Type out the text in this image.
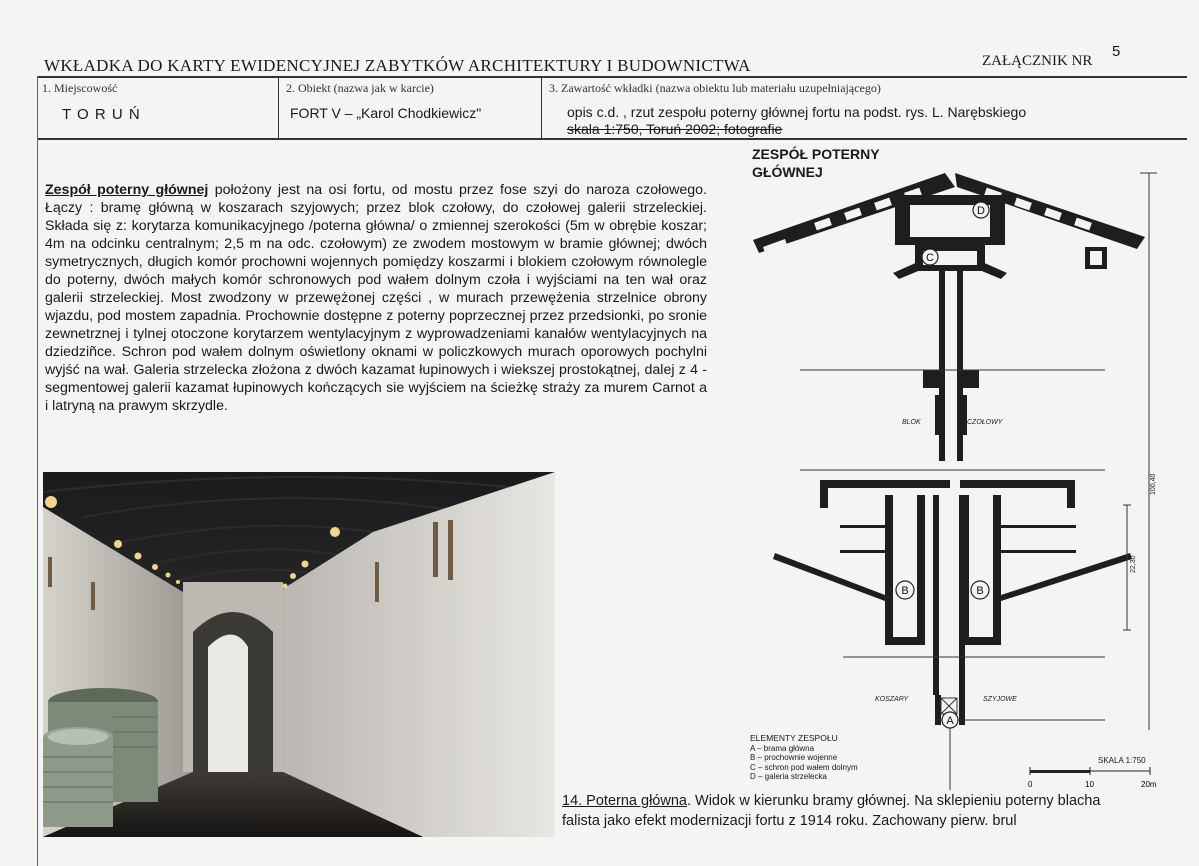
WKŁADKA DO KARTY EWIDENCYJNEJ ZABYTKÓW ARCHITEKTURY I BUDOWNICTWA	ZAŁĄCZNIK NR
5
1. Miejscowość
T O R U Ń
2. Obiekt (nazwa jak w karcie)
FORT V – „Karol Chodkiewicz"
3. Zawartość wkładki (nazwa obiektu lub materiału uzupełniającego)
opis c.d. , rzut zespołu poterny głównej fortu na podst. rys. L. Narębskiego
skala 1:750, Toruń 2002; fotografie
Zespół poterny głównej położony jest na osi fortu, od mostu przez fose szyi do naroza czołowego. Łączy : bramę główną w koszarach szyjowych; przez blok czołowy, do czołowej galerii strzeleckiej. Składa się z: korytarza komunikacyjnego /poterna główna/ o zmiennej szerokości (5m w obrębie koszar; 4m na odcinku centralnym; 2,5 m na odc. czołowym) ze zwodem mostowym w bramie głównej; dwóch symetrycznych, długich komór prochowni wojennych pomiędzy koszarmi i blokiem czołowym równolegle do poterny, dwóch małych komór schronowych pod wałem dolnym czoła i wyjściami na ten wał oraz galerii strzeleckiej. Most zwodzony w przewężonej części , w murach przewężenia strzelnice obrony wjazdu, pod mostem zapadnia. Prochownie dostępne z poterny poprzecznej przez przedsionki, po sronie zewnetrznej i tylnej otoczone korytarzem wentylacyjnym z wyprowadzeniami kanałów wentylacyjnych na dziedziñce. Schron pod wałem dolnym oświetlony oknami w policzkowych murach oporowych pochylni wyjść na wał. Galeria strzelecka złożona z dwóch kazamat łupinowych i wiekszej prostokątnej, dalej z 4 - segmentowej galerii kazamat łupinowych kończących sie wyjściem na ścieżkę straży za murem Carnot a i latryną na prawym skrzydle.
ZESPÓŁ POTERNY
GŁÓWNEJ
D
C
B	B
A
BLOK	CZOŁOWY
POTERNA	POPRZECZNA
KOSZARY	SZYJOWE
100,40
22,30
ELEMENTY ZESPOŁU
A – brama główna
B – prochownie wojenne
C – schron pod wałem dolnym
D – galeria strzelecka
SKALA 1:750
0	10	20m
14. Poterna główna. Widok w kierunku bramy głównej. Na sklepieniu poterny blacha falista jako efekt modernizacji fortu z 1914 roku. Zachowany pierw. brul
